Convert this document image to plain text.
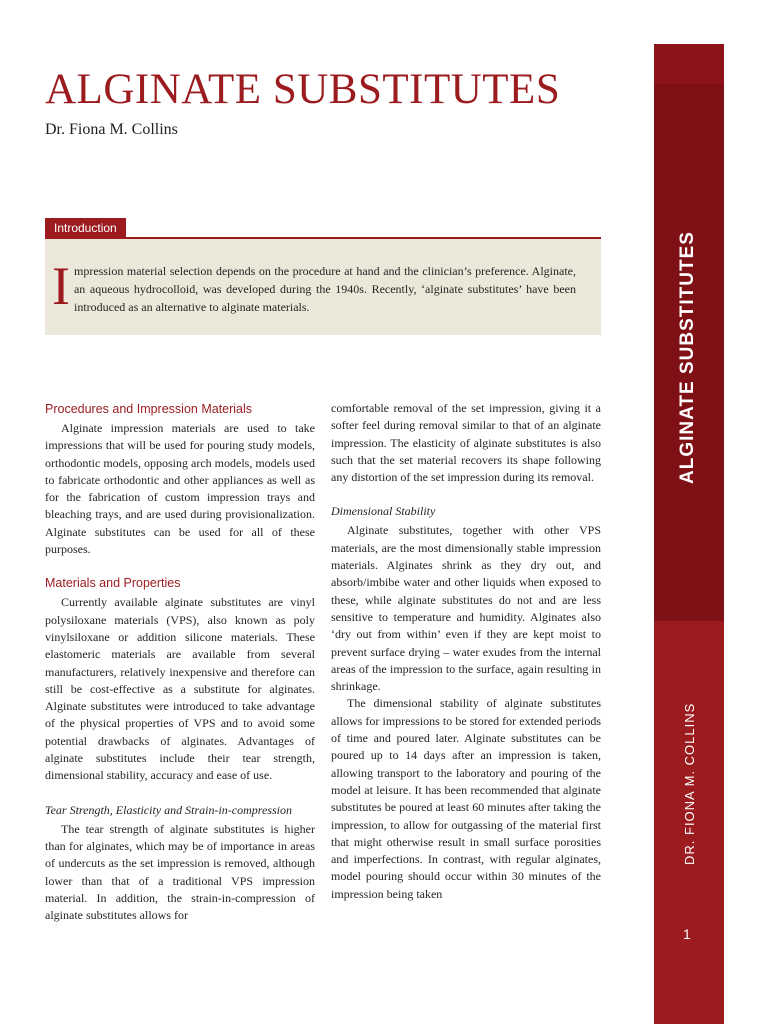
ALGINATE SUBSTITUTES
Dr. Fiona M. Collins
Introduction

Impression material selection depends on the procedure at hand and the clinician’s preference. Alginate, an aqueous hydrocolloid, was developed during the 1940s. Recently, ‘alginate substitutes’ have been introduced as an alternative to alginate materials.

Procedures and Impression Materials

Alginate impression materials are used to take impressions that will be used for pouring study models, orthodontic models, opposing arch models, models used to fabricate orthodontic and other appliances as well as for the fabrication of custom impression trays and bleaching trays, and are used during provisionalization. Alginate substitutes can be used for all of these purposes.

Materials and Properties

Currently available alginate substitutes are vinyl polysiloxane materials (VPS), also known as poly vinylsiloxane or addition silicone materials. These elastomeric materials are available from several manufacturers, relatively inexpensive and therefore can still be cost-effective as a substitute for alginates. Alginate substitutes were introduced to take advantage of the physical properties of VPS and to avoid some potential drawbacks of alginates. Advantages of alginate substitutes include their tear strength, dimensional stability, accuracy and ease of use.

Tear Strength, Elasticity and Strain-in-compression

The tear strength of alginate substitutes is higher than for alginates, which may be of importance in areas of undercuts as the set impression is removed, although lower than that of a traditional VPS impression material. In addition, the strain-in-compression of alginate substitutes allows for

comfortable removal of the set impression, giving it a softer feel during removal similar to that of an alginate impression. The elasticity of alginate substitutes is also such that the set material recovers its shape following any distortion of the set impression during its removal.

Dimensional Stability

Alginate substitutes, together with other VPS materials, are the most dimensionally stable impression materials. Alginates shrink as they dry out, and absorb/imbibe water and other liquids when exposed to these, while alginate substitutes do not and are less sensitive to temperature and humidity. Alginates also ‘dry out from within’ even if they are kept moist to prevent surface drying – water exudes from the internal areas of the impression to the surface, again resulting in shrinkage.

The dimensional stability of alginate substitutes allows for impressions to be stored for extended periods of time and poured later. Alginate substitutes can be poured up to 14 days after an impression is taken, allowing transport to the laboratory and pouring of the model at leisure. It has been recommended that alginate substitutes be poured at least 60 minutes after taking the impression, to allow for outgassing of the material first that might otherwise result in small surface porosities and imperfections. In contrast, with regular alginates, model pouring should occur within 30 minutes of the impression being taken

ALGINATE SUBSTITUTES
DR. FIONA M. COLLINS
1
